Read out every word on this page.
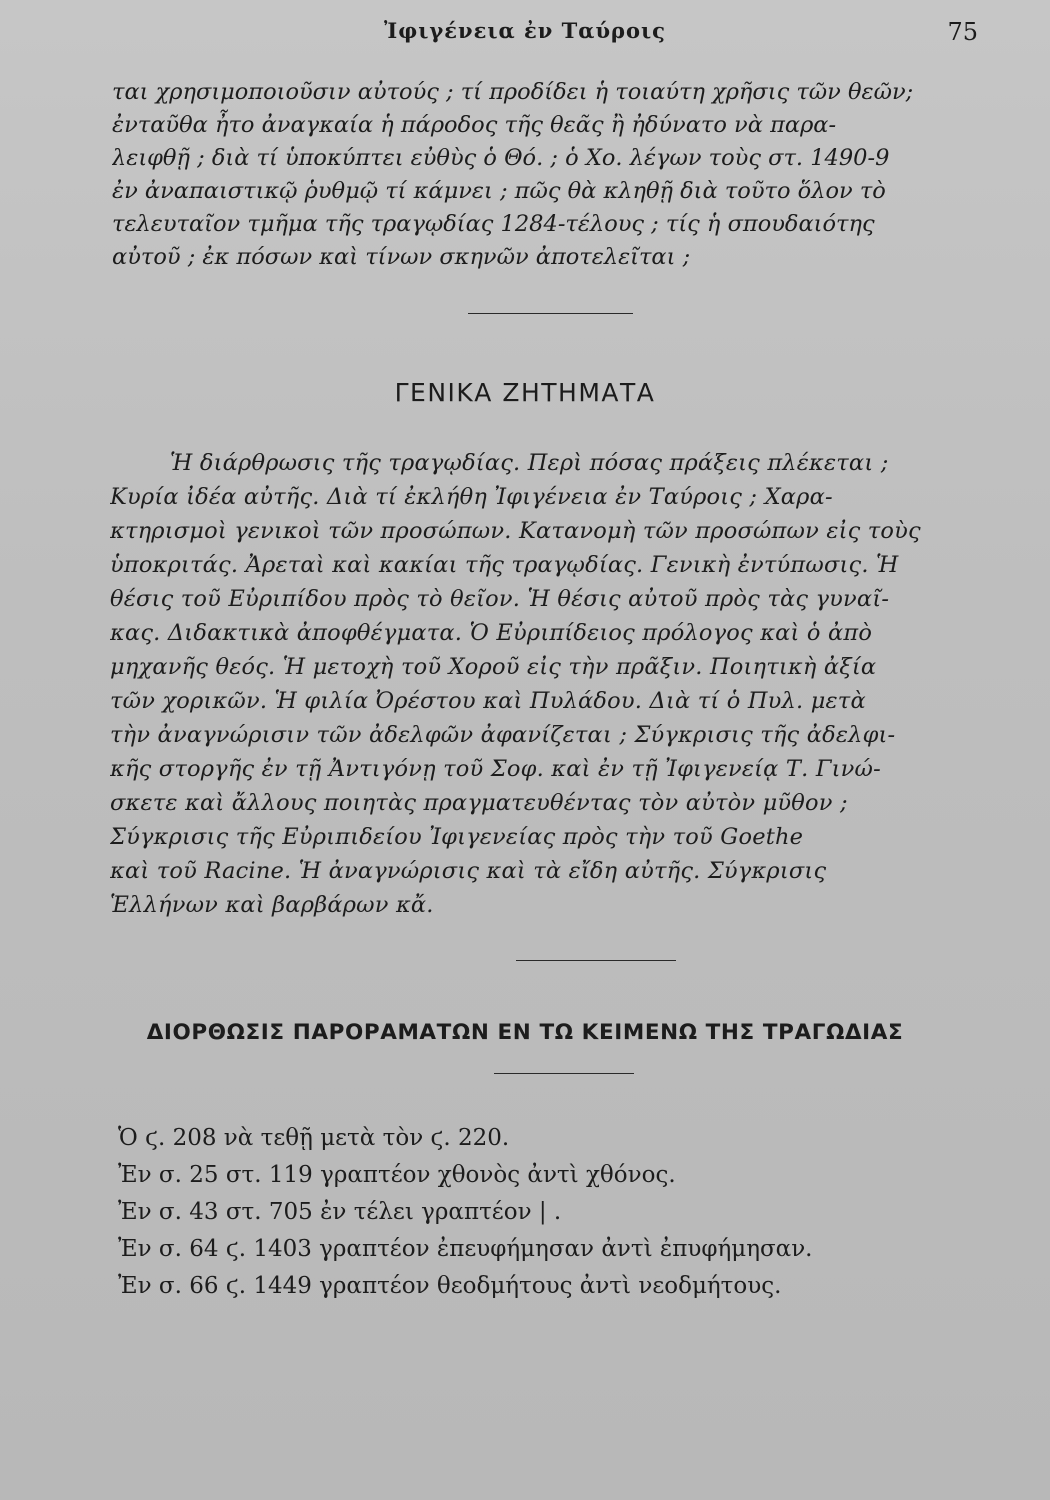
Ἰφιγένεια ἐν Ταύροις	75
ται χρησιμοποιοῦσιν αὐτούς ; τί προδίδει ἡ τοιαύτη χρῆσις τῶν θεῶν;
ἐνταῦθα ἦτο ἀναγκαία ἡ πάροδος τῆς θεᾶς ἢ ἠδύνατο νὰ παρα-
λειφθῇ ; διὰ τί ὑποκύπτει εὐθὺς ὁ Θό. ; ὁ Χο. λέγων τοὺς στ. 1490-9
ἐν ἀναπαιστικῷ ῥυθμῷ τί κάμνει ; πῶς θὰ κληθῇ διὰ τοῦτο ὅλον τὸ
τελευταῖον τμῆμα τῆς τραγῳδίας 1284-τέλους ; τίς ἡ σπουδαιότης
αὐτοῦ ; ἐκ πόσων καὶ τίνων σκηνῶν ἀποτελεῖται ;
ΓΕΝΙΚΑ ΖΗΤΗΜΑΤΑ
Ἡ διάρθρωσις τῆς τραγῳδίας. Περὶ πόσας πράξεις πλέκεται ;
Κυρία ἰδέα αὐτῆς. Διὰ τί ἐκλήθη Ἰφιγένεια ἐν Ταύροις ; Χαρα-
κτηρισμοὶ γενικοὶ τῶν προσώπων. Κατανομὴ τῶν προσώπων εἰς τοὺς
ὑποκριτάς. Ἀρεταὶ καὶ κακίαι τῆς τραγῳδίας. Γενικὴ ἐντύπωσις. Ἡ
θέσις τοῦ Εὐριπίδου πρὸς τὸ θεῖον. Ἡ θέσις αὐτοῦ πρὸς τὰς γυναῖ-
κας. Διδακτικὰ ἀποφθέγματα. Ὁ Εὐριπίδειος πρόλογος καὶ ὁ ἀπὸ
μηχανῆς θεός. Ἡ μετοχὴ τοῦ Χοροῦ εἰς τὴν πρᾶξιν. Ποιητικὴ ἀξία
τῶν χορικῶν. Ἡ φιλία Ὀρέστου καὶ Πυλάδου. Διὰ τί ὁ Πυλ. μετὰ
τὴν ἀναγνώρισιν τῶν ἀδελφῶν ἀφανίζεται ; Σύγκρισις τῆς ἀδελφι-
κῆς στοργῆς ἐν τῇ Ἀντιγόνῃ τοῦ Σοφ. καὶ ἐν τῇ Ἰφιγενείᾳ Τ. Γινώ-
σκετε καὶ ἄλλους ποιητὰς πραγματευθέντας τὸν αὐτὸν μῦθον ;
Σύγκρισις τῆς Εὐριπιδείου Ἰφιγενείας πρὸς τὴν τοῦ Goethe
καὶ τοῦ Racine. Ἡ ἀναγνώρισις καὶ τὰ εἴδη αὐτῆς. Σύγκρισις
Ἑλλήνων καὶ βαρβάρων κἄ.
ΔΙΟΡΘΩΣΙΣ ΠΑΡΟΡΑΜΑΤΩΝ ΕΝ ΤΩ ΚΕΙΜΕΝΩ ΤΗΣ ΤΡΑΓΩΔΙΑΣ
Ὁ ϛ. 208 νὰ τεθῇ μετὰ τὸν ϛ. 220.
Ἐν σ. 25 στ. 119 γραπτέον χθονὸς ἀντὶ χθόνος.
Ἐν σ. 43 στ. 705 ἐν τέλει γραπτέον | .
Ἐν σ. 64 ϛ. 1403 γραπτέον ἐπευφήμησαν ἀντὶ ἐπυφήμησαν.
Ἐν σ. 66 ϛ. 1449 γραπτέον θεοδμήτους ἀντὶ νεοδμήτους.
